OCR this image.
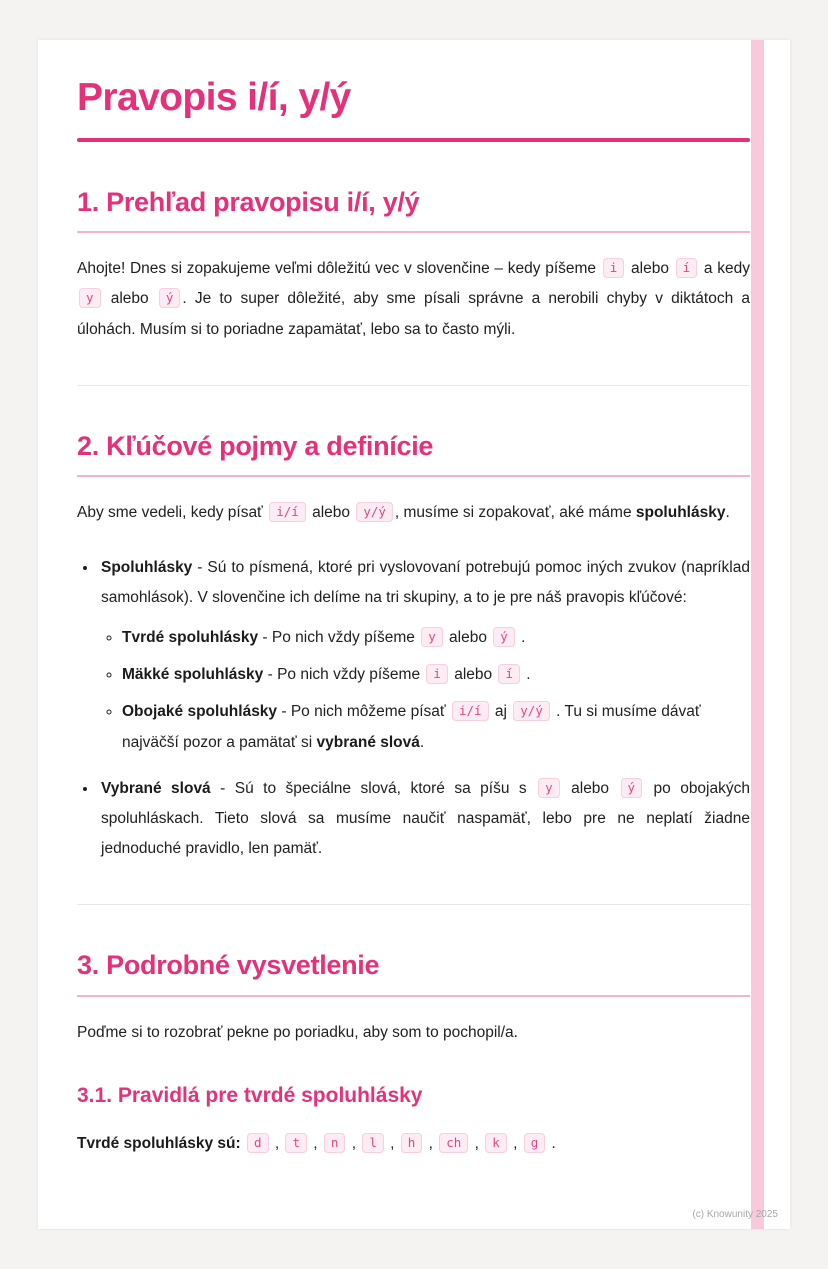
Pravopis i/í, y/ý
1. Prehľad pravopisu i/í, y/ý

Ahojte! Dnes si zopakujeme veľmi dôležitú vec v slovenčine – kedy píšeme i alebo í a kedy y alebo ý . Je to super dôležité, aby sme písali správne a nerobili chyby v diktátoch a úlohách. Musím si to poriadne zapamätať, lebo sa to často mýli.

2. Kľúčové pojmy a definície

Aby sme vedeli, kedy písať i/í alebo y/ý , musíme si zopakovať, aké máme spoluhlásky.

• Spoluhlásky - Sú to písmená, ktoré pri vyslovovaní potrebujú pomoc iných zvukov (napríklad samohlások). V slovenčine ich delíme na tri skupiny, a to je pre náš pravopis kľúčové:
◦ Tvrdé spoluhlásky - Po nich vždy píšeme y alebo ý .
◦ Mäkké spoluhlásky - Po nich vždy píšeme i alebo í .
◦ Obojaké spoluhlásky - Po nich môžeme písať i/í aj y/ý . Tu si musíme dávať najväčší pozor a pamätať si vybrané slová.
• Vybrané slová - Sú to špeciálne slová, ktoré sa píšu s y alebo ý po obojakých spoluhláskach. Tieto slová sa musíme naučiť naspamäť, lebo pre ne neplatí žiadne jednoduché pravidlo, len pamäť.
3. Podrobné vysvetlenie

Poďme si to rozobrať pekne po poriadku, aby som to pochopil/a.

3.1. Pravidlá pre tvrdé spoluhlásky

Tvrdé spoluhlásky sú: d , t , n , l , h , ch , k , g .

(c) Knowunity 2025
